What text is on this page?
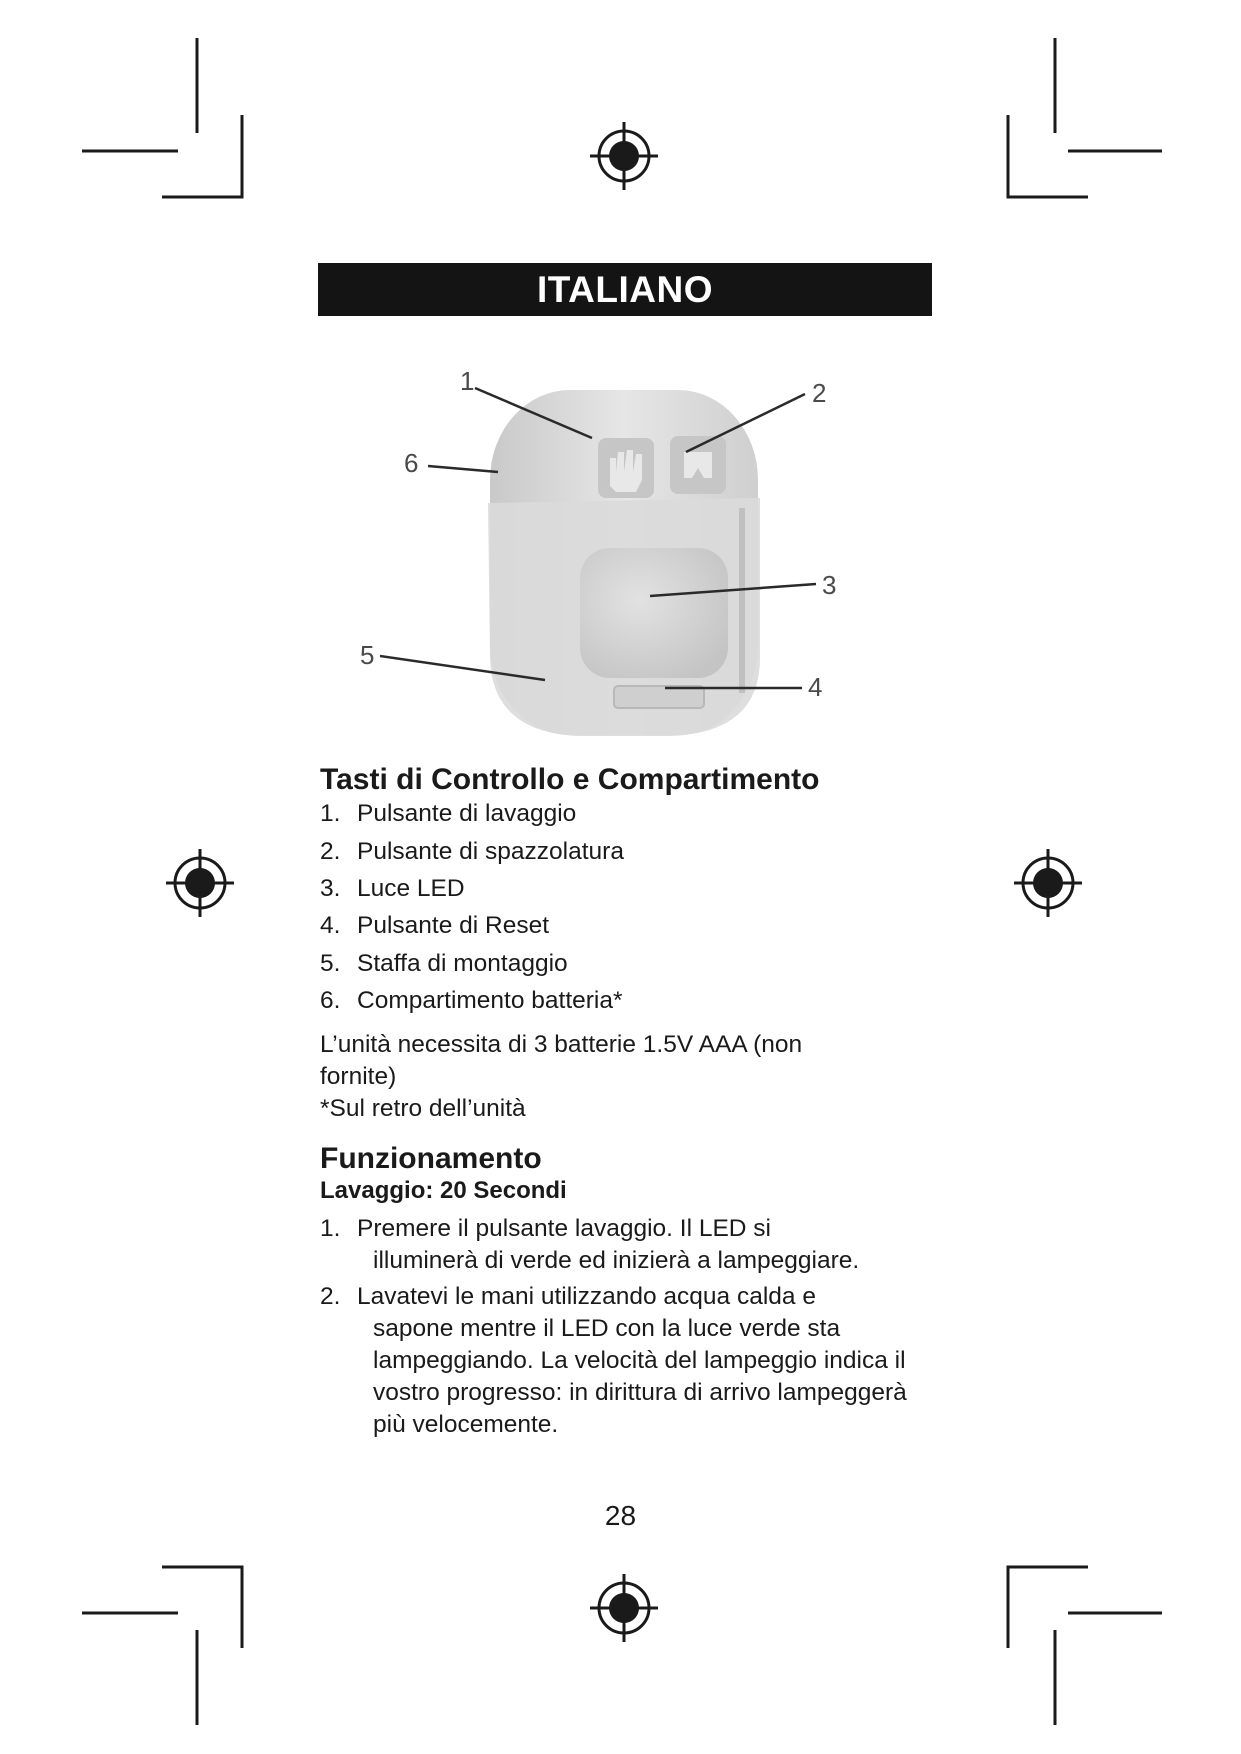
ITALIANO
1	2
3
4
5
6
Tasti di Controllo e Compartimento
1. Pulsante di lavaggio
2. Pulsante di spazzolatura
3. Luce LED
4. Pulsante di Reset
5. Staffa di montaggio
6. Compartimento batteria*

L’unità necessita di 3 batterie 1.5V AAA (non fornite)

*Sul retro dell’unità

Funzionamento
Lavaggio: 20 Secondi
1. Premere il pulsante lavaggio. Il LED si
illuminerà di verde ed inizierà a lampeggiare.
2. Lavatevi le mani utilizzando acqua calda e
sapone mentre il LED con la luce verde sta lampeggiando. La velocità del lampeggio indica il vostro progresso: in dirittura di arrivo lampeggerà più velocemente.
28
